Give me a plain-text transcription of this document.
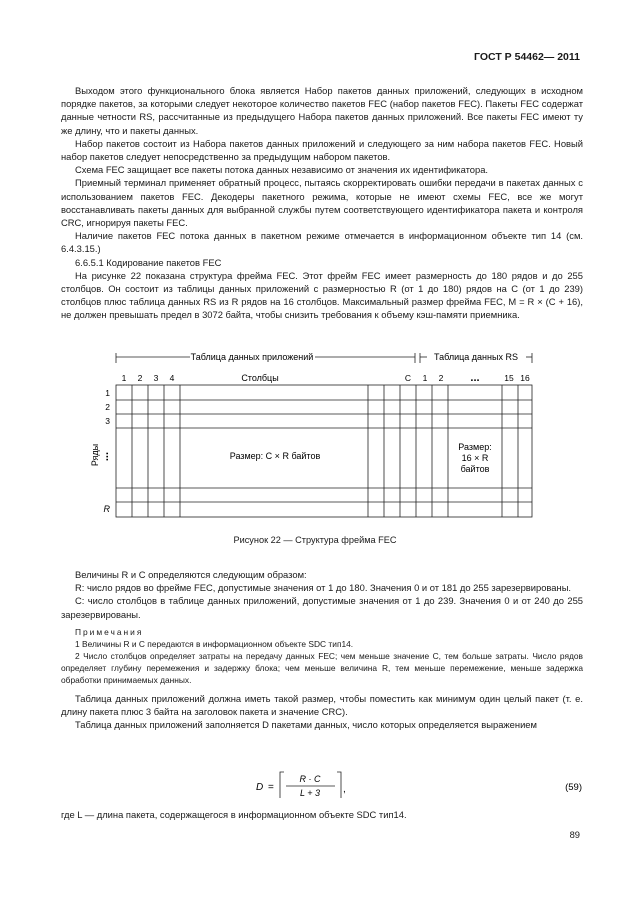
ГОСТ Р 54462— 2011

Выходом этого функционального блока является Набор пакетов данных приложений, следующих в исходном порядке пакетов, за которыми следует некоторое количество пакетов FEC (набор пакетов FEC). Пакеты FEC содержат данные четности RS, рассчитанные из предыдущего Набора пакетов данных приложений. Все пакеты FEC имеют ту же длину, что и пакеты данных.

Набор пакетов состоит из Набора пакетов данных приложений и следующего за ним набора пакетов FEC. Новый набор пакетов следует непосредственно за предыдущим набором пакетов.

Схема FEC защищает все пакеты потока данных независимо от значения их идентификатора.

Приемный терминал применяет обратный процесс, пытаясь скорректировать ошибки передачи в пакетах данных с использованием пакетов FEC. Декодеры пакетного режима, которые не имеют схемы FEC, все же могут восстанавливать пакеты данных для выбранной службы путем соответствующего идентификатора пакета и контроля CRC, игнорируя пакеты FEC.

Наличие пакетов FEC потока данных в пакетном режиме отмечается в информационном объекте тип 14 (см. 6.4.3.15.)

6.6.5.1 Кодирование пакетов FEC

На рисунке 22 показана структура фрейма FEC. Этот фрейм FEC имеет размерность до 180 рядов и до 255 столбцов. Он состоит из таблицы данных приложений с размерностью R (от 1 до 180) рядов на С (от 1 до 239) столбцов плюс таблица данных RS из R рядов на 16 столбцов. Максимальный размер фрейма FEC, M = R × (C + 16), не должен превышать предел в 3072 байта, чтобы снизить требования к объему кэш-памяти приемника.

Таблица данных приложений	Таблица данных RS
1 2 3 4	Столбцы	C 1 2 ...	15 16
1
2
3
...
R
Ряды	Размер: C × R байтов
Размер:
16 × R
байтов
Рисунок 22 — Структура фрейма FEC

Величины R и C определяются следующим образом:

R: число рядов во фрейме FEC, допустимые значения от 1 до 180. Значения 0 и от 181 до 255 зарезервированы.

C: число столбцов в таблице данных приложений, допустимые значения от 1 до 239. Значения 0 и от 240 до 255 зарезервированы.

Примечания

1 Величины R и C передаются в информационном объекте SDC тип14.

2 Число столбцов определяет затраты на передачу данных FEC; чем меньше значение C, тем больше затраты. Число рядов определяет глубину перемежения и задержку блока; чем меньше величина R, тем меньше перемежение, меньше задержка обработки принимаемых данных.

Таблица данных приложений должна иметь такой размер, чтобы поместить как минимум один целый пакет (т. е. длину пакета плюс 3 байта на заголовок пакета и значение CRC).

Таблица данных приложений заполняется D пакетами данных, число которых определяется выражением

D =
R · C
L + 3 ,	(59)

где L — длина пакета, содержащегося в информационном объекте SDC тип14.

89
